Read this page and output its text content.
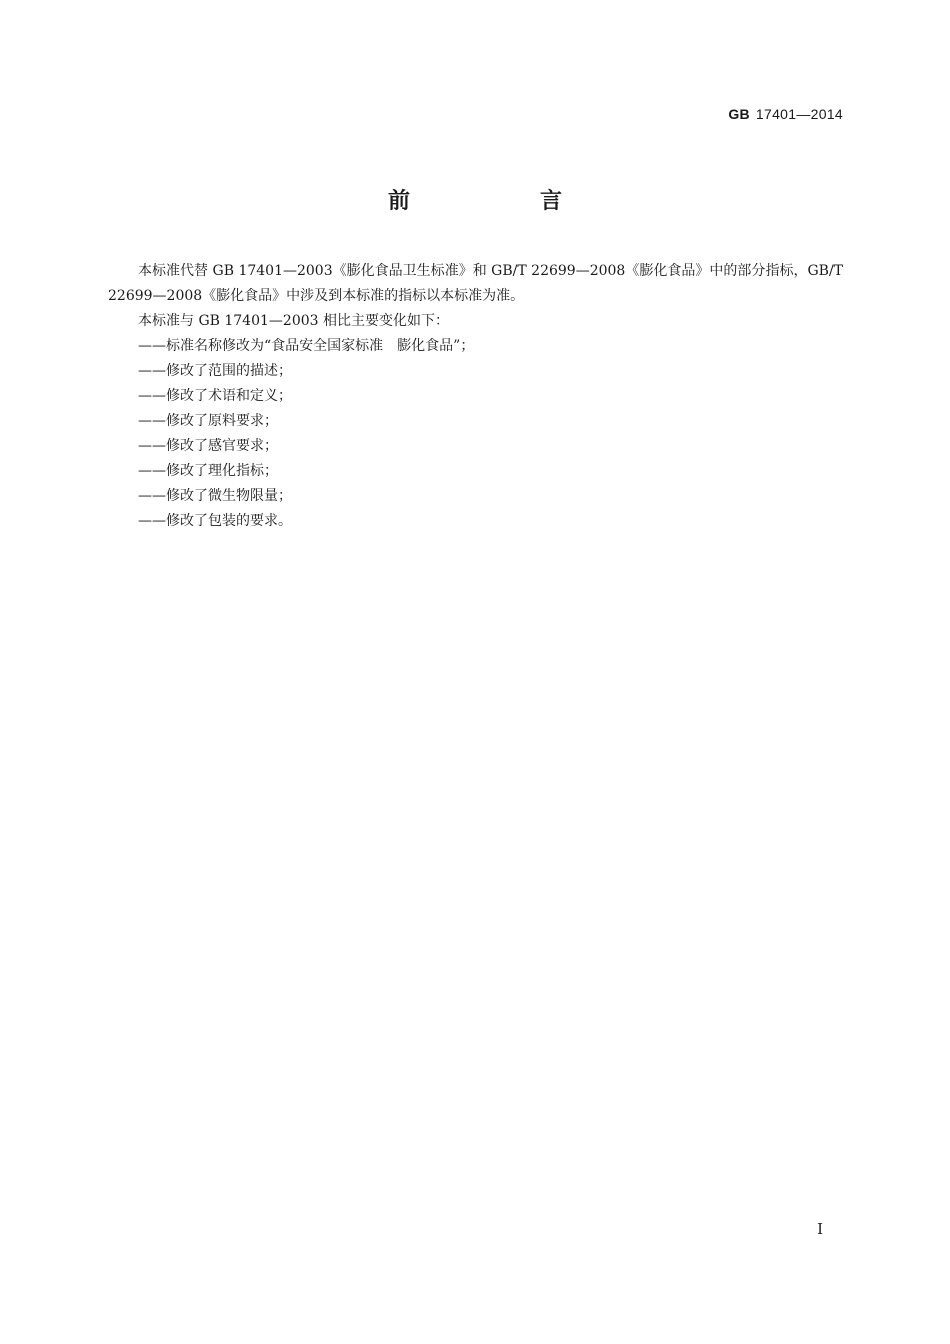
GB 17401—2014
前　言

本标准代替 GB 17401—2003《膨化食品卫生标准》和 GB/T 22699—2008《膨化食品》中的部分指标，GB/T 22699—2008《膨化食品》中涉及到本标准的指标以本标准为准。

本标准与 GB 17401—2003 相比主要变化如下：

——标准名称修改为“食品安全国家标准　膨化食品”；

——修改了范围的描述；

——修改了术语和定义；

——修改了原料要求；

——修改了感官要求；

——修改了理化指标；

——修改了微生物限量；

——修改了包装的要求。

I
